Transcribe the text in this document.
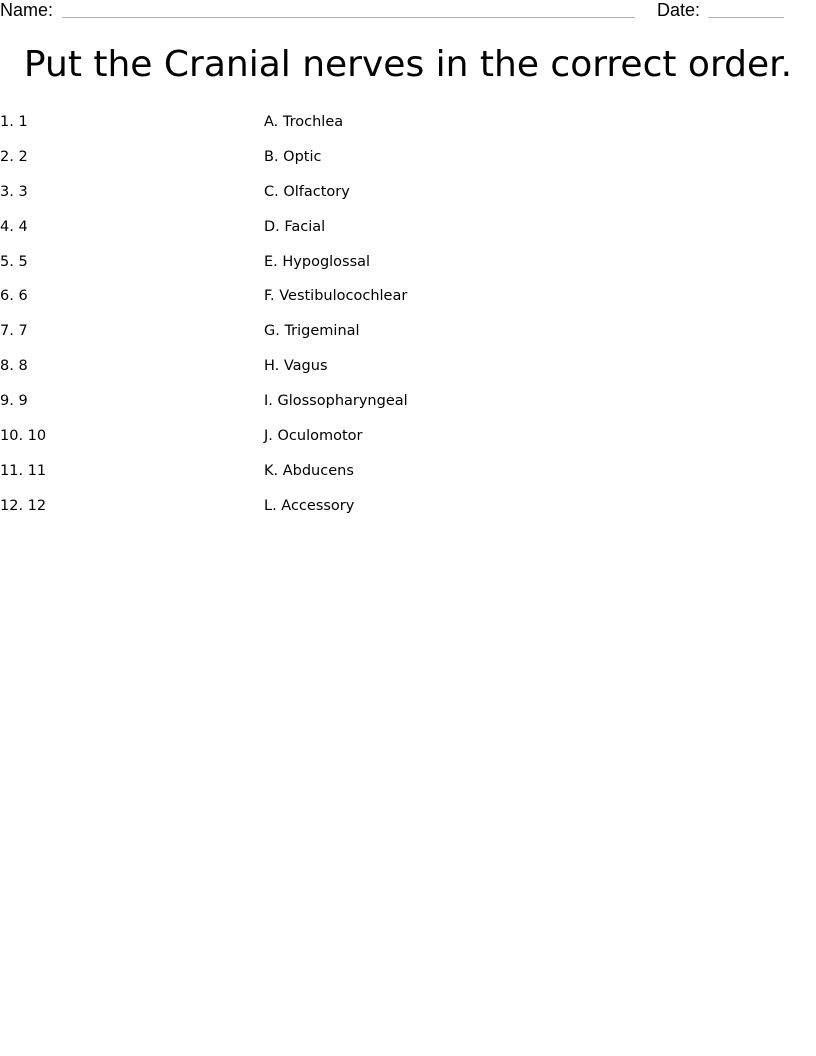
Name:	Date:
Put the Cranial nerves in the correct order.
1. 1	A. Trochlea
2. 2	B. Optic
3. 3	C. Olfactory
4. 4	D. Facial
5. 5	E. Hypoglossal
6. 6	F. Vestibulocochlear
7. 7	G. Trigeminal
8. 8	H. Vagus
9. 9	I. Glossopharyngeal
10. 10	J. Oculomotor
11. 11	K. Abducens
12. 12	L. Accessory
